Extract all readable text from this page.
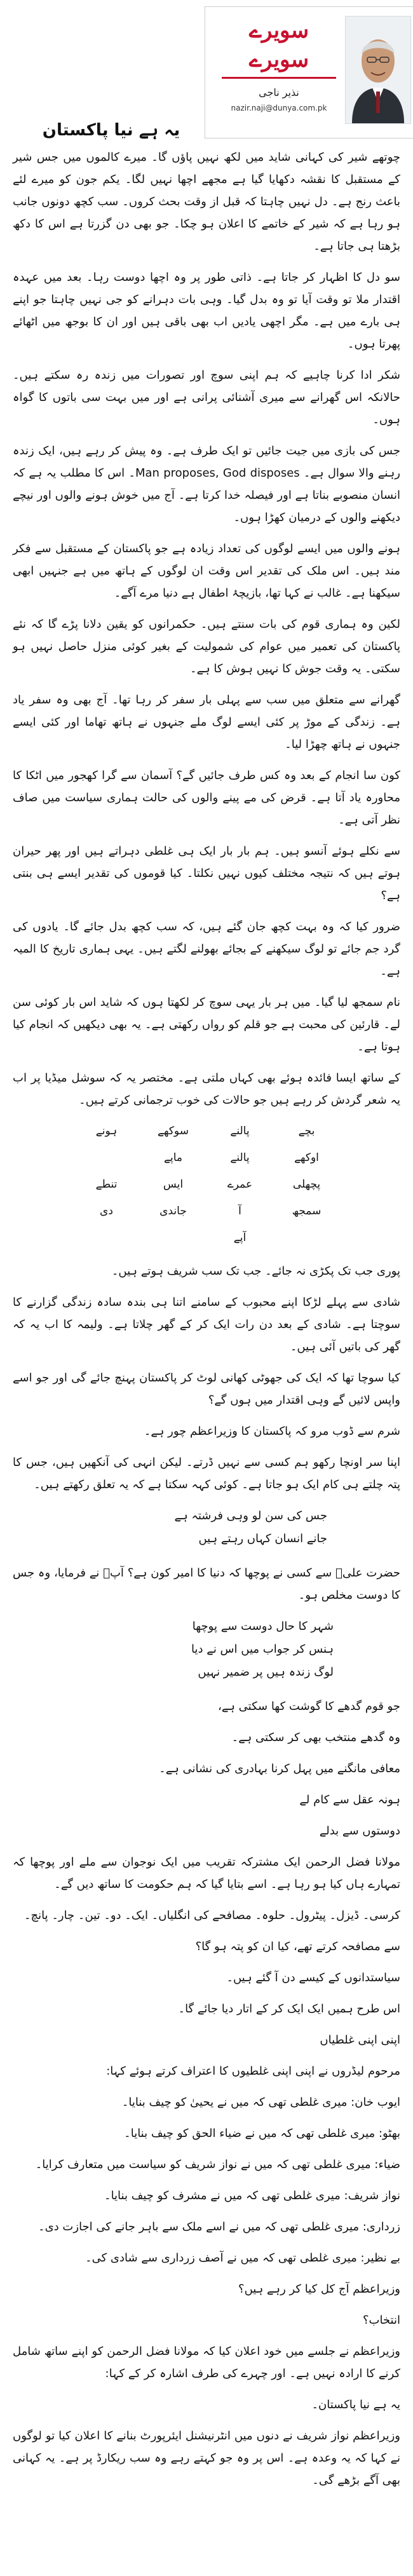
سویرے سویرے
نذیر ناجی
nazir.naji@dunya.com.pk
یہ ہے نیا پاکستان

چوتھے شیر کی کہانی شاید میں لکھ نہیں پاؤں گا۔ میرے کالموں میں جس شیر کے مستقبل کا نقشہ دکھایا گیا ہے مجھے اچھا نہیں لگا۔ یکم جون کو میرے لئے باعث رنج ہے۔ دل نہیں چاہتا کہ قبل از وقت بحث کروں۔ سب کچھ دونوں جانب ہو رہا ہے کہ شیر کے خاتمے کا اعلان ہو چکا۔ جو بھی دن گزرتا ہے اس کا دکھ بڑھتا ہی جاتا ہے۔

سو دل کا اظہار کر جاتا ہے۔ ذاتی طور پر وہ اچھا دوست رہا۔ بعد میں عہدہ اقتدار ملا تو وقت آیا تو وہ بدل گیا۔ وہی بات دہرانے کو جی نہیں چاہتا جو اپنے ہی بارے میں ہے۔ مگر اچھی یادیں اب بھی باقی ہیں اور ان کا بوجھ میں اٹھائے پھرتا ہوں۔

شکر ادا کرنا چاہیے کہ ہم اپنی سوچ اور تصورات میں زندہ رہ سکتے ہیں۔ حالانکہ اس گھرانے سے میری آشنائی پرانی ہے اور میں بہت سی باتوں کا گواہ ہوں۔

جس کی بازی میں جیت جائیں تو ایک طرف ہے۔ وہ پیش کر رہے ہیں، ایک زندہ رہنے والا سوال ہے۔ Man proposes, God disposes۔ اس کا مطلب یہ ہے کہ انسان منصوبے بناتا ہے اور فیصلہ خدا کرتا ہے۔ آج میں خوش ہونے والوں اور نیچے دیکھنے والوں کے درمیان کھڑا ہوں۔

ہونے والوں میں ایسے لوگوں کی تعداد زیادہ ہے جو پاکستان کے مستقبل سے فکر مند ہیں۔ اس ملک کی تقدیر اس وقت ان لوگوں کے ہاتھ میں ہے جنہیں ابھی سیکھنا ہے۔ غالب نے کہا تھا، بازیچۂ اطفال ہے دنیا مرے آگے۔

لکین وہ ہماری قوم کی بات سنتے ہیں۔ حکمرانوں کو یقین دلانا پڑے گا کہ نئے پاکستان کی تعمیر میں عوام کی شمولیت کے بغیر کوئی منزل حاصل نہیں ہو سکتی۔ یہ وقت جوش کا نہیں ہوش کا ہے۔

گھرانے سے متعلق میں سب سے پہلی بار سفر کر رہا تھا۔ آج بھی وہ سفر یاد ہے۔ زندگی کے موڑ پر کئی ایسے لوگ ملے جنہوں نے ہاتھ تھاما اور کئی ایسے جنہوں نے ہاتھ چھڑا لیا۔

کون سا انجام کے بعد وہ کس طرف جائیں گے؟ آسمان سے گرا کھجور میں اٹکا کا محاورہ یاد آتا ہے۔ قرض کی مے پینے والوں کی حالت ہماری سیاست میں صاف نظر آتی ہے۔

سے نکلے ہوئے آنسو ہیں۔ ہم بار بار ایک ہی غلطی دہراتے ہیں اور پھر حیران ہوتے ہیں کہ نتیجہ مختلف کیوں نہیں نکلتا۔ کیا قوموں کی تقدیر ایسے ہی بنتی ہے؟

ضرور کیا کہ وہ بہت کچھ جان گئے ہیں، کہ سب کچھ بدل جائے گا۔ یادوں کی گرد جم جائے تو لوگ سیکھنے کے بجائے بھولنے لگتے ہیں۔ یہی ہماری تاریخ کا المیہ ہے۔

نام سمجھ لیا گیا۔ میں ہر بار یہی سوچ کر لکھتا ہوں کہ شاید اس بار کوئی سن لے۔ قارئین کی محبت ہے جو قلم کو رواں رکھتی ہے۔ یہ بھی دیکھیں کہ انجام کیا ہوتا ہے۔

کے ساتھ ایسا فائدہ ہوئے بھی کہاں ملتی ہے۔ مختصر یہ کہ سوشل میڈیا پر اب یہ شعر گردش کر رہے ہیں جو حالات کی خوب ترجمانی کرتے ہیں۔

بچے
پالنے
سوکھے
ہونے
اوکھے
پالنے
ماپے
پچھلی
عمرے
ایس
تنطے
سمجھ
آ
جاندی
دی
آپے

پوری جب تک پکڑی نہ جائے۔ جب تک سب شریف ہوتے ہیں۔

شادی سے پہلے لڑکا اپنے محبوب کے سامنے اتنا ہی بندہ سادہ زندگی گزارنے کا سوچتا ہے۔ شادی کے بعد دن رات ایک کر کے گھر چلاتا ہے۔ ولیمہ کا اب یہ کہ گھر کی باتیں آئی ہیں۔

کیا سوچا تھا کہ ایک کی جھوٹی کھانی لوٹ کر پاکستان پہنچ جائے گی اور جو اسے واپس لائیں گے وہی اقتدار میں ہوں گے؟

شرم سے ڈوب مرو کہ پاکستان کا وزیراعظم چور ہے۔

اپنا سر اونچا رکھو ہم کسی سے نہیں ڈرتے۔ لیکن انہی کی آنکھیں ہیں، جس کا پتہ چلتے ہی کام ایک ہو جاتا ہے۔ کوئی کہہ سکتا ہے کہ یہ تعلق رکھتے ہیں۔

جس کی سن لو وہی فرشتہ ہے
جانے انسان کہاں رہتے ہیں

حضرت علیؓ سے کسی نے پوچھا کہ دنیا کا امیر کون ہے؟ آپؓ نے فرمایا، وہ جس کا دوست مخلص ہو۔

شہر کا حال دوست سے پوچھا
ہنس کر جواب میں اس نے دیا
لوگ زندہ ہیں پر ضمیر نہیں

جو قوم گدھے کا گوشت کھا سکتی ہے،

وہ گدھے منتخب بھی کر سکتی ہے۔

معافی مانگنے میں پہل کرنا بہادری کی نشانی ہے۔

ہونہ عقل سے کام لے

دوستوں سے بدلے

مولانا فضل الرحمن ایک مشترکہ تقریب میں ایک نوجوان سے ملے اور پوچھا کہ تمہارے ہاں کیا ہو رہا ہے۔ اسے بتایا گیا کہ ہم حکومت کا ساتھ دیں گے۔

کرسی۔ ڈیزل۔ پیٹرول۔ حلوہ۔ مصافحے کی انگلیاں۔ ایک۔ دو۔ تین۔ چار۔ پانچ۔

سے مصافحہ کرتے تھے، کیا ان کو پتہ ہو گا؟

سیاستدانوں کے کیسے دن آ گئے ہیں۔

اس طرح ہمیں ایک ایک کر کے اتار دیا جائے گا۔

اپنی اپنی غلطیاں

مرحوم لیڈروں نے اپنی اپنی غلطیوں کا اعتراف کرتے ہوئے کہا:

ایوب خان: میری غلطی تھی کہ میں نے یحییٰ کو چیف بنایا۔

بھٹو: میری غلطی تھی کہ میں نے ضیاء الحق کو چیف بنایا۔

ضیاء: میری غلطی تھی کہ میں نے نواز شریف کو سیاست میں متعارف کرایا۔

نواز شریف: میری غلطی تھی کہ میں نے مشرف کو چیف بنایا۔

زرداری: میری غلطی تھی کہ میں نے اسے ملک سے باہر جانے کی اجازت دی۔

بے نظیر: میری غلطی تھی کہ میں نے آصف زرداری سے شادی کی۔

وزیراعظم آج کل کیا کر رہے ہیں؟

انتخاب؟

وزیراعظم نے جلسے میں خود اعلان کیا کہ مولانا فضل الرحمن کو اپنے ساتھ شامل کرنے کا ارادہ نہیں ہے۔ اور چہرے کی طرف اشارہ کر کے کہا:

یہ ہے نیا پاکستان۔

وزیراعظم نواز شریف نے دنوں میں انٹرنیشنل ایئرپورٹ بنانے کا اعلان کیا تو لوگوں نے کہا کہ یہ وعدہ ہے۔ اس پر وہ جو کہتے رہے وہ سب ریکارڈ پر ہے۔ یہ کہانی بھی آگے بڑھے گی۔
